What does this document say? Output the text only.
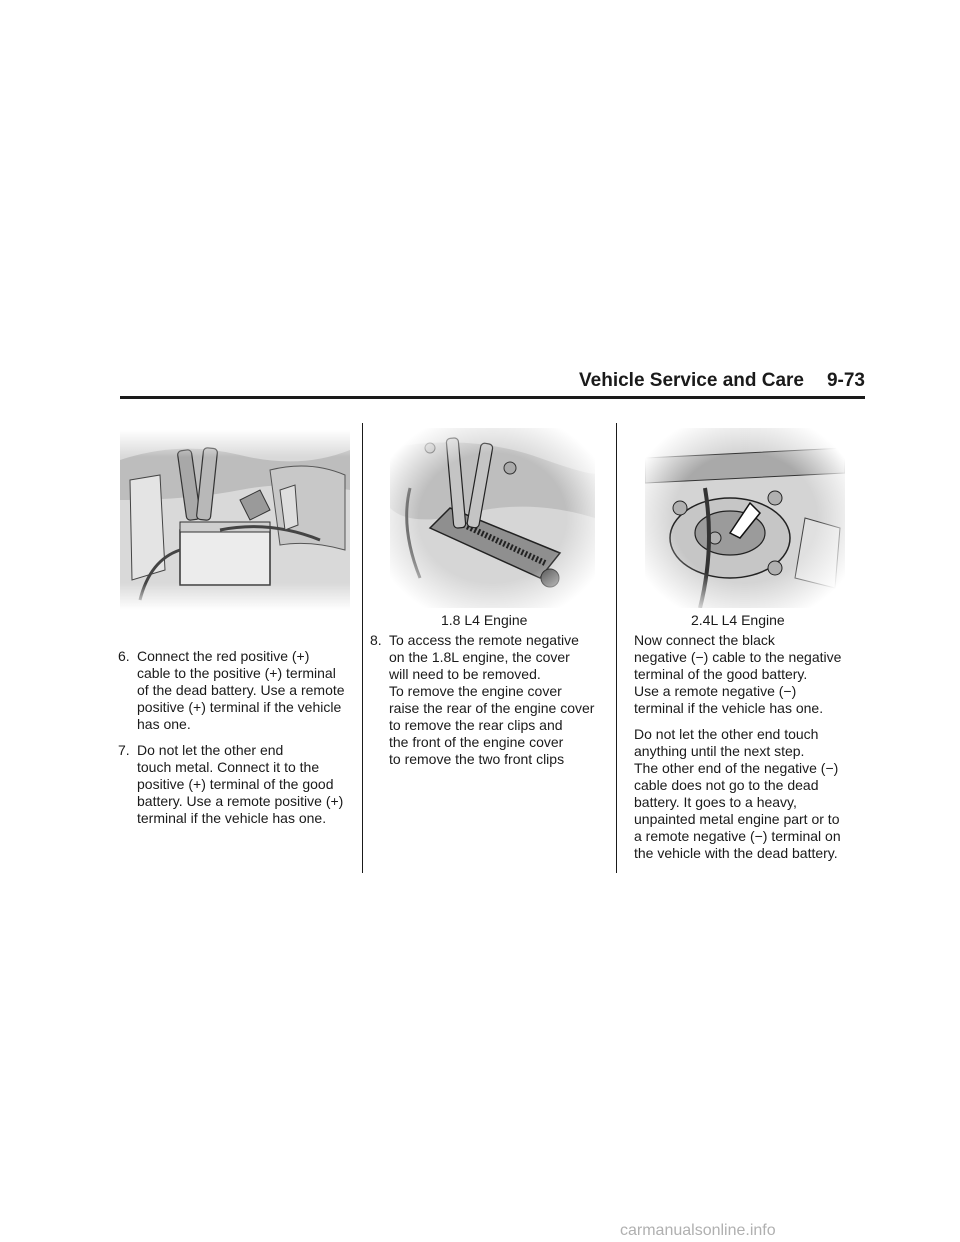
Vehicle Service and Care	9-73
1.8 L4 Engine	2.4L L4 Engine
6. Connect the red positive (+)
cable to the positive (+) terminal
of the dead battery. Use a remote
positive (+) terminal if the vehicle
has one.
7. Do not let the other end
touch metal. Connect it to the
positive (+) terminal of the good
battery. Use a remote positive (+)
terminal if the vehicle has one.
8. To access the remote negative
on the 1.8L engine, the cover
will need to be removed.
To remove the engine cover
raise the rear of the engine cover
to remove the rear clips and
the front of the engine cover
to remove the two front clips
Now connect the black
negative (−) cable to the negative
terminal of the good battery.
Use a remote negative (−)
terminal if the vehicle has one.
Do not let the other end touch
anything until the next step.
The other end of the negative (−)
cable does not go to the dead
battery. It goes to a heavy,
unpainted metal engine part or to
a remote negative (−) terminal on
the vehicle with the dead battery.
carmanualsonline.info
